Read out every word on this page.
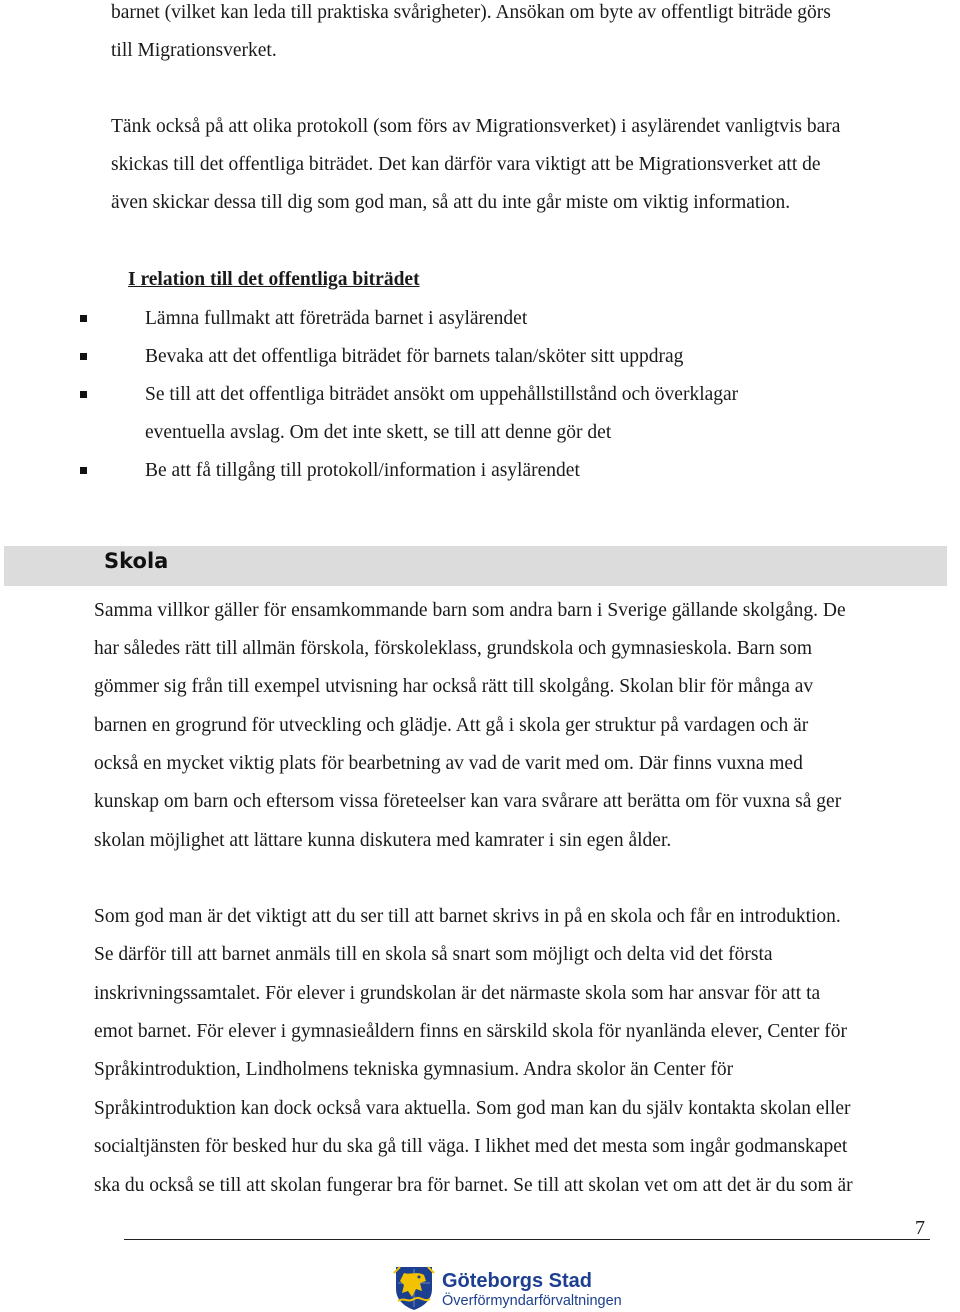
barnet (vilket kan leda till praktiska svårigheter). Ansökan om byte av offentligt biträde görs
till Migrationsverket.
Tänk också på att olika protokoll (som förs av Migrationsverket) i asylärendet vanligtvis bara
skickas till det offentliga biträdet. Det kan därför vara viktigt att be Migrationsverket att de
även skickar dessa till dig som god man, så att du inte går miste om viktig information.
I relation till det offentliga biträdet
Lämna fullmakt att företräda barnet i asylärendet
Bevaka att det offentliga biträdet för barnets talan/sköter sitt uppdrag
Se till att det offentliga biträdet ansökt om uppehållstillstånd och överklagar
eventuella avslag. Om det inte skett, se till att denne gör det
Be att få tillgång till protokoll/information i asylärendet
Skola
Samma villkor gäller för ensamkommande barn som andra barn i Sverige gällande skolgång. De
har således rätt till allmän förskola, förskoleklass, grundskola och gymnasieskola. Barn som
gömmer sig från till exempel utvisning har också rätt till skolgång. Skolan blir för många av
barnen en grogrund för utveckling och glädje. Att gå i skola ger struktur på vardagen och är
också en mycket viktig plats för bearbetning av vad de varit med om. Där finns vuxna med
kunskap om barn och eftersom vissa företeelser kan vara svårare att berätta om för vuxna så ger
skolan möjlighet att lättare kunna diskutera med kamrater i sin egen ålder.
Som god man är det viktigt att du ser till att barnet skrivs in på en skola och får en introduktion.
Se därför till att barnet anmäls till en skola så snart som möjligt och delta vid det första
inskrivningssamtalet. För elever i grundskolan är det närmaste skola som har ansvar för att ta
emot barnet. För elever i gymnasieåldern finns en särskild skola för nyanlända elever, Center för
Språkintroduktion, Lindholmens tekniska gymnasium. Andra skolor än Center för
Språkintroduktion kan dock också vara aktuella. Som god man kan du själv kontakta skolan eller
socialtjänsten för besked hur du ska gå till väga. I likhet med det mesta som ingår godmanskapet
ska du också se till att skolan fungerar bra för barnet. Se till att skolan vet om att det är du som är
7
Göteborgs Stad
Överförmyndarförvaltningen
